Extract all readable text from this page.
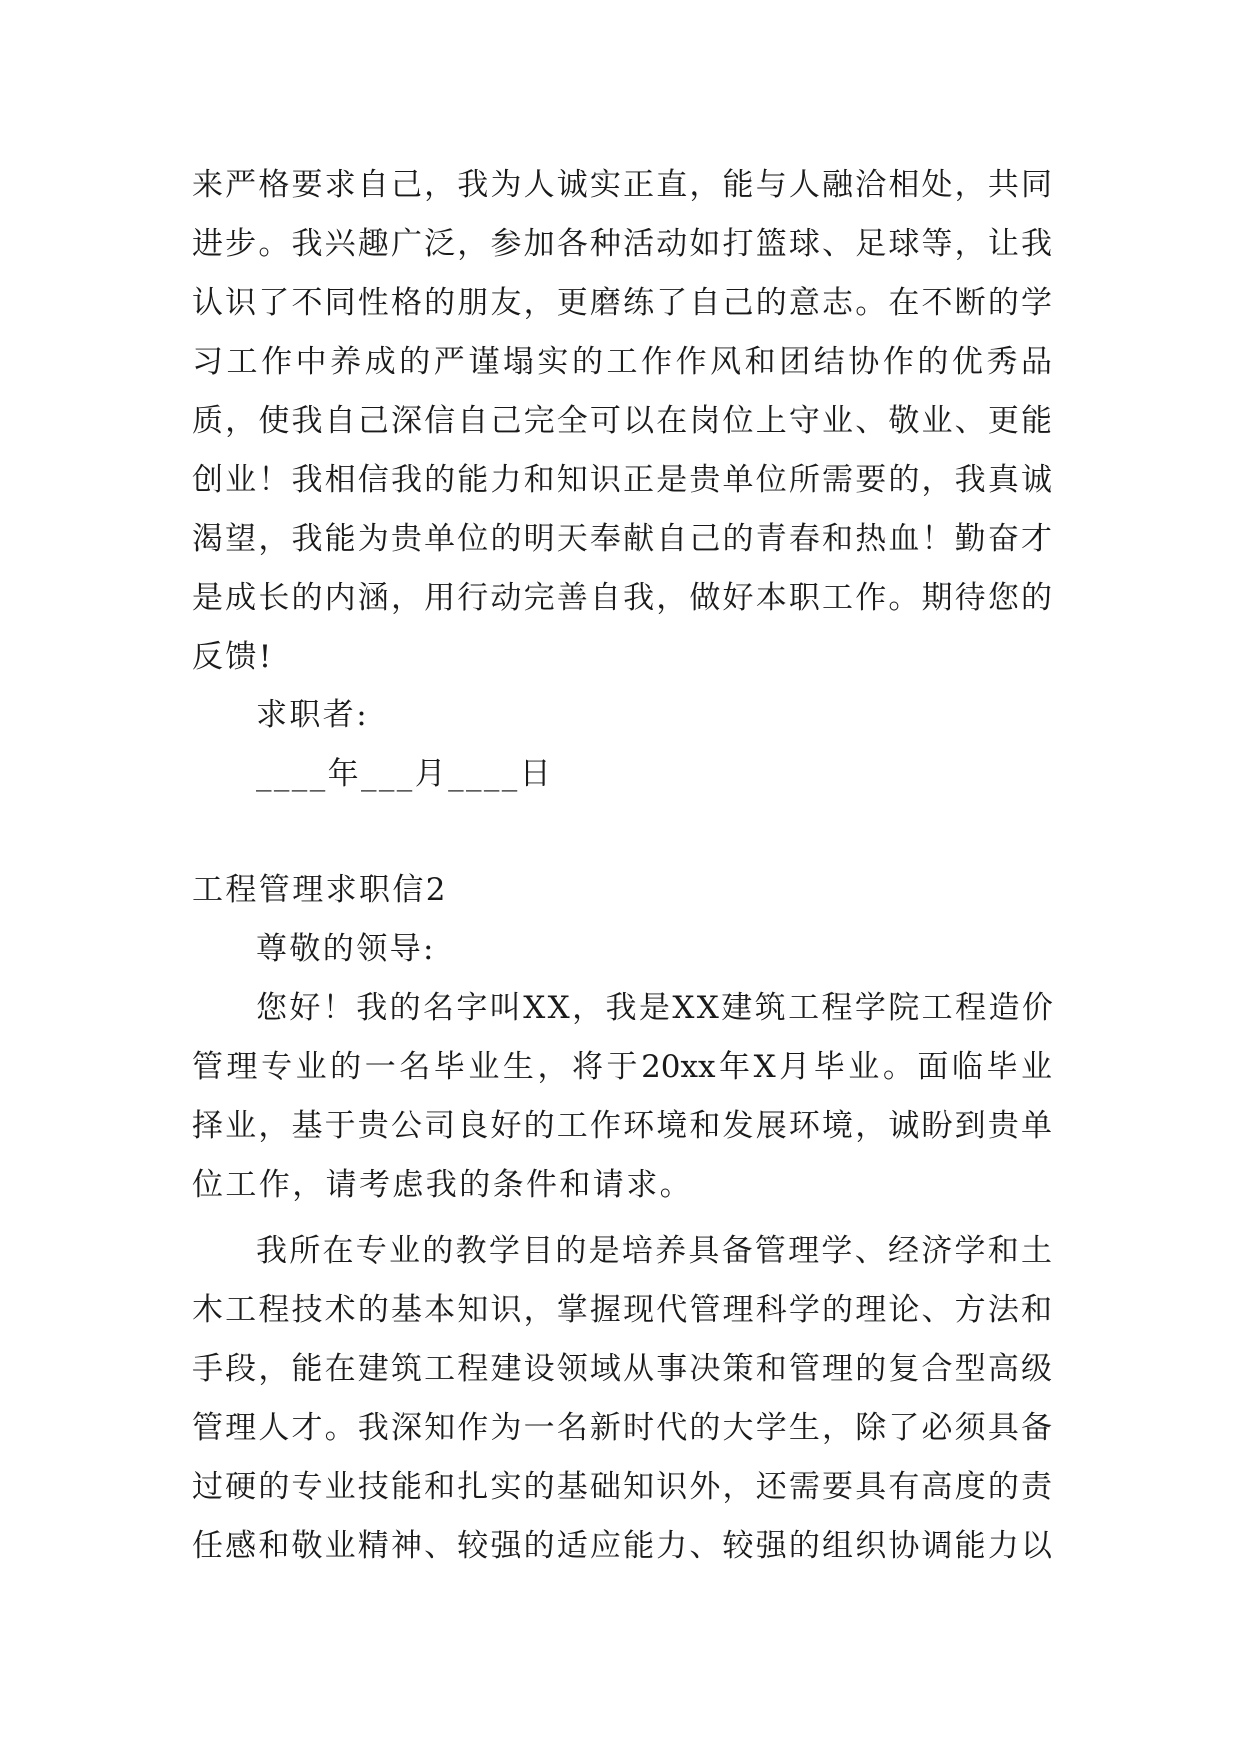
来严格要求自己，我为人诚实正直，能与人融洽相处，共同
进步。我兴趣广泛，参加各种活动如打篮球、足球等，让我
认识了不同性格的朋友，更磨练了自己的意志。在不断的学
习工作中养成的严谨塌实的工作作风和团结协作的优秀品
质，使我自己深信自己完全可以在岗位上守业、敬业、更能
创业！我相信我的能力和知识正是贵单位所需要的，我真诚
渴望，我能为贵单位的明天奉献自己的青春和热血！勤奋才
是成长的内涵，用行动完善自我，做好本职工作。期待您的
反馈!
求职者:
____年___月____日
工程管理求职信2
尊敬的领导:
您好！我的名字叫XX，我是XX建筑工程学院工程造价
管理专业的一名毕业生，将于20xx年X月毕业。面临毕业
择业，基于贵公司良好的工作环境和发展环境，诚盼到贵单
位工作，请考虑我的条件和请求。
我所在专业的教学目的是培养具备管理学、经济学和土
木工程技术的基本知识，掌握现代管理科学的理论、方法和
手段，能在建筑工程建设领域从事决策和管理的复合型高级
管理人才。我深知作为一名新时代的大学生，除了必须具备
过硬的专业技能和扎实的基础知识外，还需要具有高度的责
任感和敬业精神、较强的适应能力、较强的组织协调能力以
